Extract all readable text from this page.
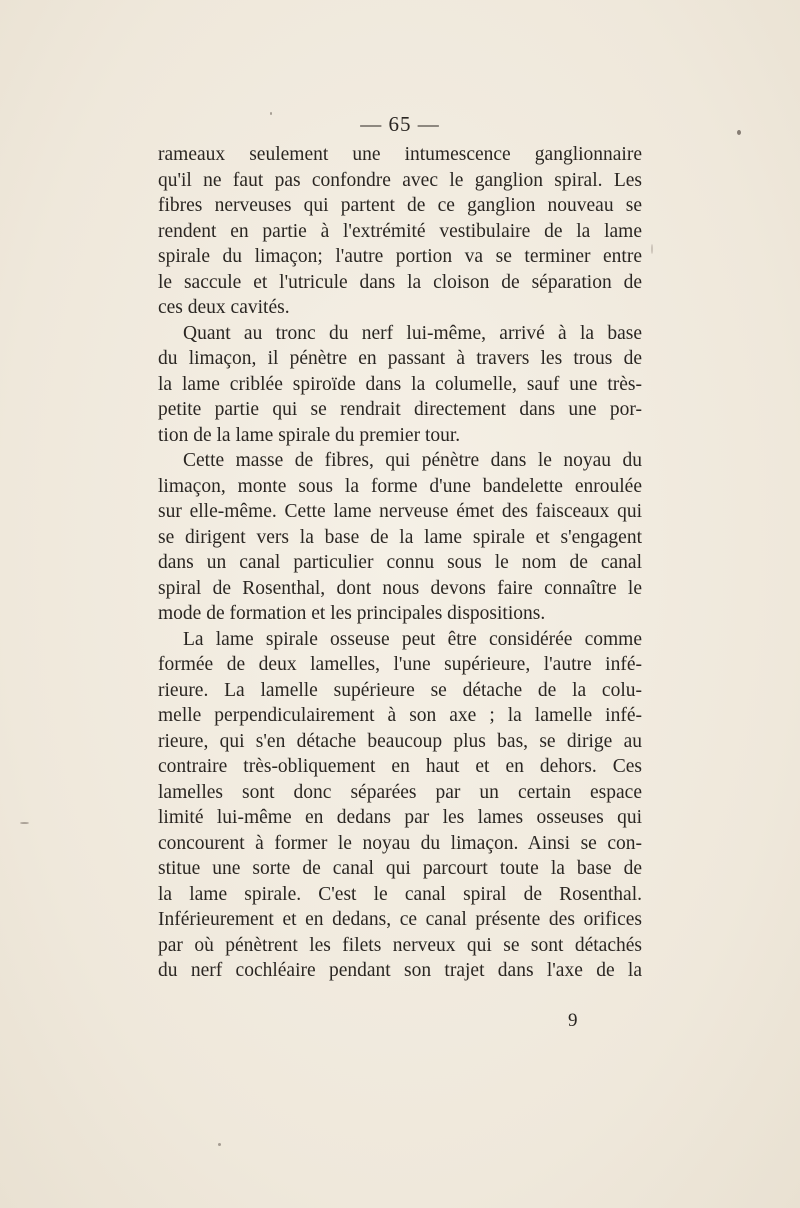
— 65 —
rameaux seulement une intumescence ganglionnaire
qu'il ne faut pas confondre avec le ganglion spiral. Les
fibres nerveuses qui partent de ce ganglion nouveau se
rendent en partie à l'extrémité vestibulaire de la lame
spirale du limaçon; l'autre portion va se terminer entre
le saccule et l'utricule dans la cloison de séparation de
ces deux cavités.
Quant au tronc du nerf lui-même, arrivé à la base
du limaçon, il pénètre en passant à travers les trous de
la lame criblée spiroïde dans la columelle, sauf une très-
petite partie qui se rendrait directement dans une por-
tion de la lame spirale du premier tour.
Cette masse de fibres, qui pénètre dans le noyau du
limaçon, monte sous la forme d'une bandelette enroulée
sur elle-même. Cette lame nerveuse émet des faisceaux qui
se dirigent vers la base de la lame spirale et s'engagent
dans un canal particulier connu sous le nom de canal
spiral de Rosenthal, dont nous devons faire connaître le
mode de formation et les principales dispositions.
La lame spirale osseuse peut être considérée comme
formée de deux lamelles, l'une supérieure, l'autre infé-
rieure. La lamelle supérieure se détache de la colu-
melle perpendiculairement à son axe ; la lamelle infé-
rieure, qui s'en détache beaucoup plus bas, se dirige au
contraire très-obliquement en haut et en dehors. Ces
lamelles sont donc séparées par un certain espace
limité lui-même en dedans par les lames osseuses qui
concourent à former le noyau du limaçon. Ainsi se con-
stitue une sorte de canal qui parcourt toute la base de
la lame spirale. C'est le canal spiral de Rosenthal.
Inférieurement et en dedans, ce canal présente des orifices
par où pénètrent les filets nerveux qui se sont détachés
du nerf cochléaire pendant son trajet dans l'axe de la
9
